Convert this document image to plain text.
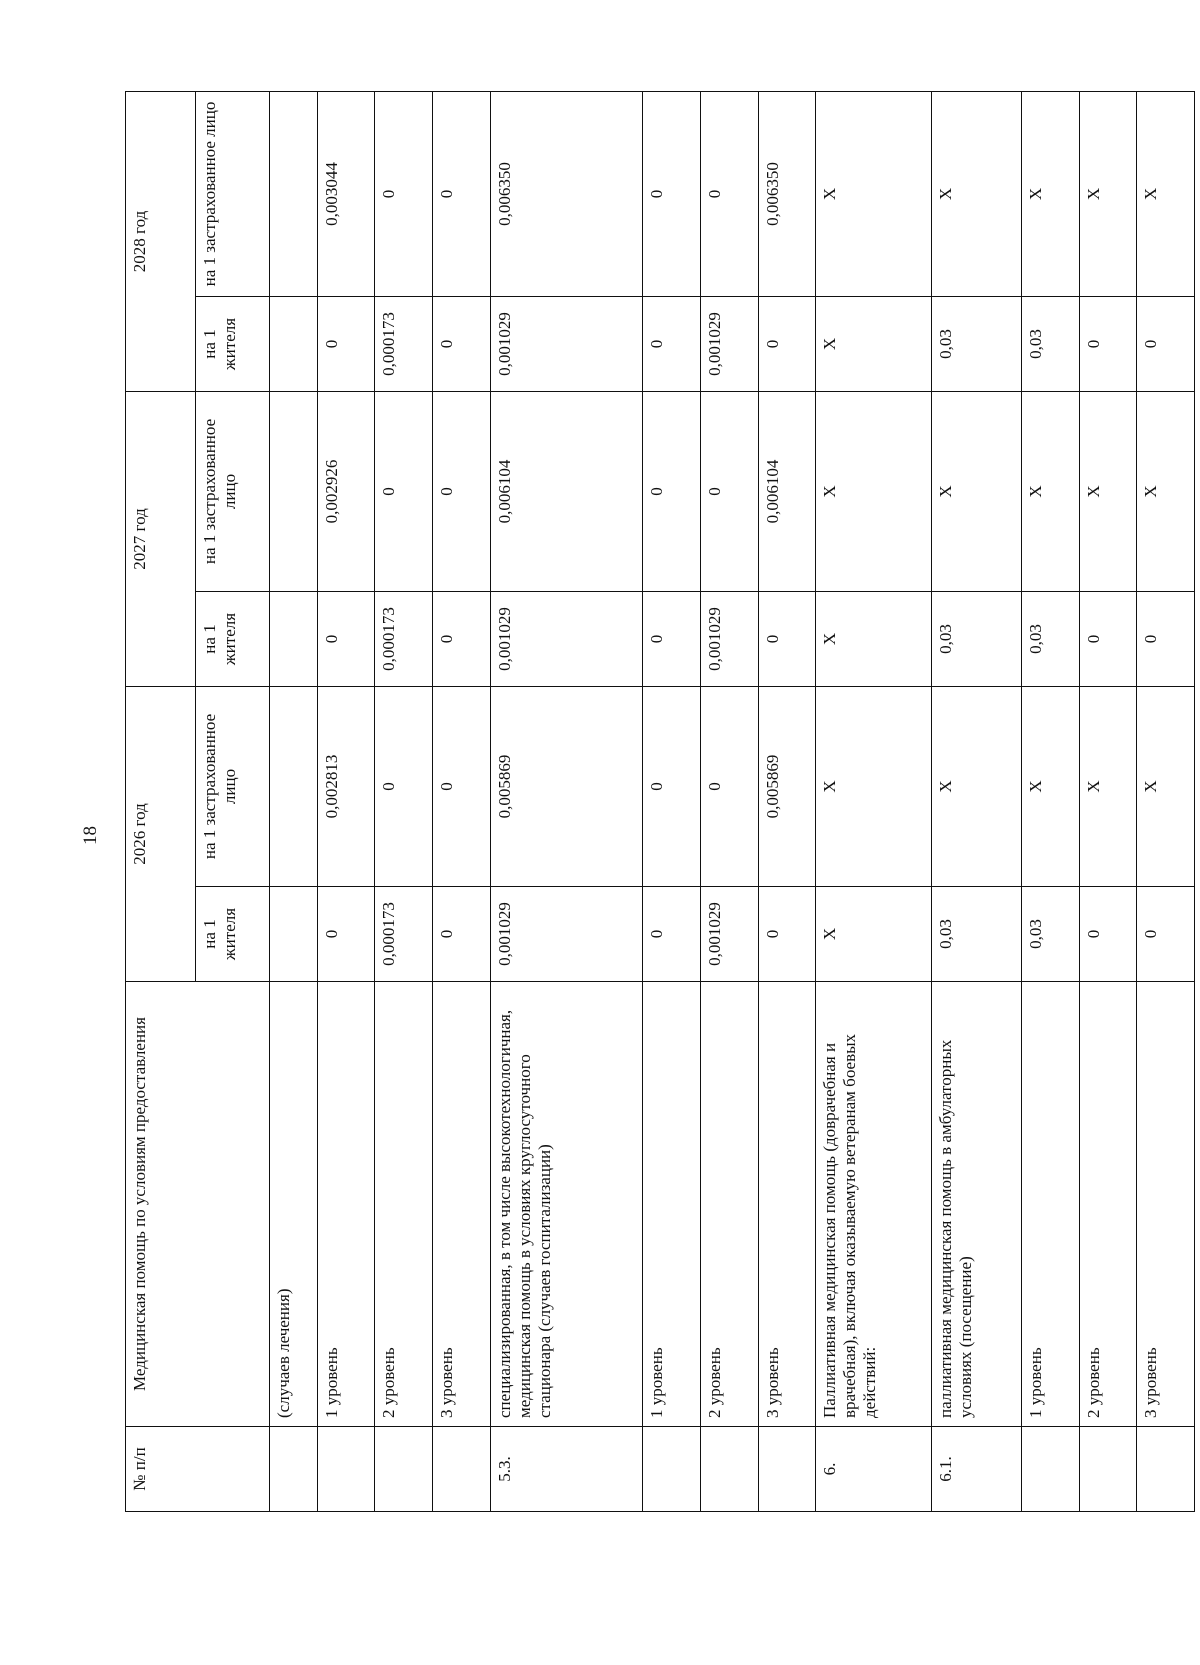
18
№ п/п	Медицинская помощь по условиям предоставления	2026 год		2027 год		2028 год	
		на 1 жителя	на 1 застрахованное лицо	на 1 жителя	на 1 застрахованное лицо	на 1 жителя	на 1 застрахованное лицо
	(случаев лечения)						
	1 уровень	0	0,002813	0	0,002926	0	0,003044
	2 уровень	0,000173	0	0,000173	0	0,000173	0
	3 уровень	0	0	0	0	0	0
5.3.	специализированная, в том числе высокотехнологичная, медицинская помощь в условиях круглосуточного стационара (случаев госпитализации)	0,001029	0,005869	0,001029	0,006104	0,001029	0,006350
	1 уровень	0	0	0	0	0	0
	2 уровень	0,001029	0	0,001029	0	0,001029	0
	3 уровень	0	0,005869	0	0,006104	0	0,006350
6.	Паллиативная медицинская помощь (доврачебная и врачебная), включая оказываемую ветеранам боевых действий:	X	X	X	X	X	X
6.1.	паллиативная медицинская помощь в амбулаторных условиях (посещение)	0,03	X	0,03	X	0,03	X
	1 уровень	0,03	X	0,03	X	0,03	X
	2 уровень	0	X	0	X	0	X
	3 уровень	0	X	0	X	0	X
